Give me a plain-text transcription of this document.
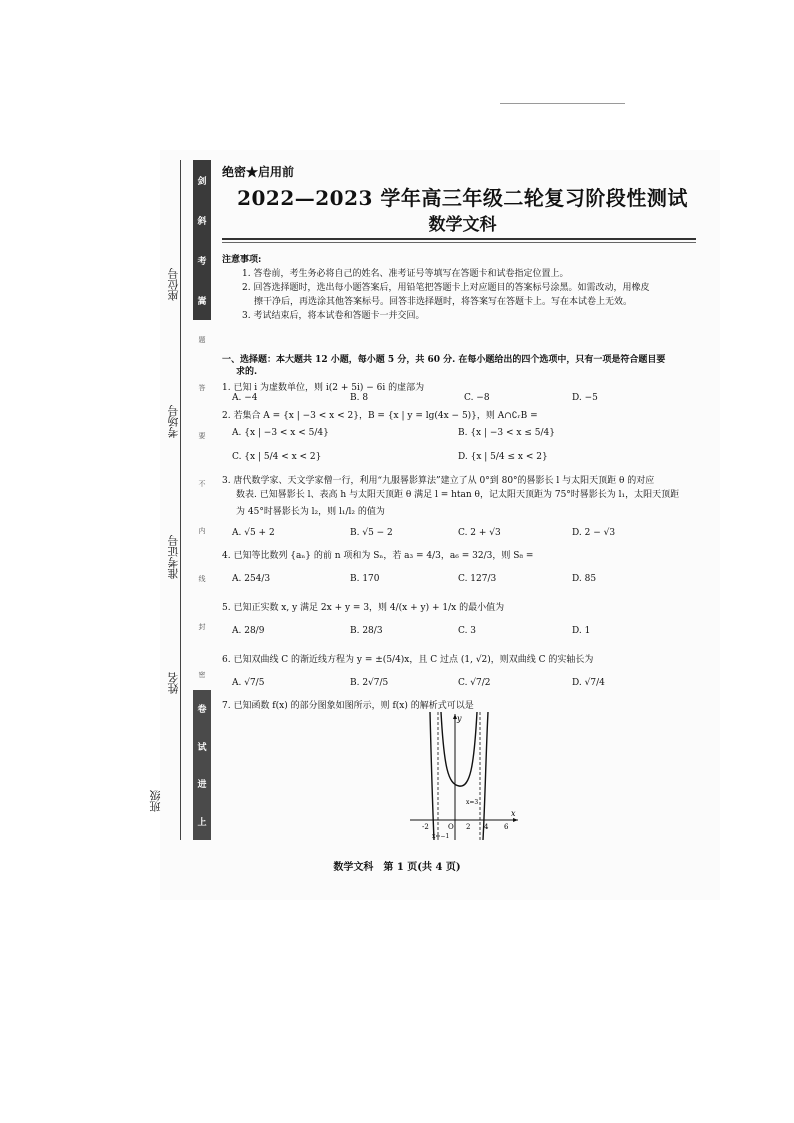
剑
斜
考
嵩
卷
试
进
上
题
答
要
不
内
线
封
密
座位号
考场号
准考证号
姓名
班级
绝密★启用前
2022—2023 学年高三年级二轮复习阶段性测试
数学文科
注意事项:
1. 答卷前，考生务必将自己的姓名、准考证号等填写在答题卡和试卷指定位置上。
2. 回答选择题时，选出每小题答案后，用铅笔把答题卡上对应题目的答案标号涂黑。如需改动，用橡皮
擦干净后，再选涂其他答案标号。回答非选择题时，将答案写在答题卡上。写在本试卷上无效。
3. 考试结束后，将本试卷和答题卡一并交回。
一、选择题：本大题共 12 小题，每小题 5 分，共 60 分. 在每小题给出的四个选项中，只有一项是符合题目要
求的.
1. 已知 i 为虚数单位，则 i(2 + 5i) − 6i 的虚部为
A. −4	B. 8	C. −8	D. −5
2. 若集合 A = {x | −3 < x < 2}，B = {x | y = lg(4x − 5)}，则 A∩∁ᵣB =
A. {x | −3 < x < 5/4}	B. {x | −3 < x ≤ 5/4}
C. {x | 5/4 < x < 2}	D. {x | 5/4 ≤ x < 2}
3. 唐代数学家、天文学家僧一行，利用“九服晷影算法”建立了从 0°到 80°的晷影长 l 与太阳天顶距 θ 的对应
数表. 已知晷影长 l、表高 h 与太阳天顶距 θ 满足 l = htan θ，记太阳天顶距为 75°时晷影长为 l₁，太阳天顶距
为 45°时晷影长为 l₂，则 l₁/l₂ 的值为
A. √5 + 2	B. √5 − 2	C. 2 + √3	D. 2 − √3
4. 已知等比数列 {aₙ} 的前 n 项和为 Sₙ，若 a₃ = 4/3，a₆ = 32/3，则 S₈ =
A. 254/3	B. 170	C. 127/3	D. 85
5. 已知正实数 x, y 满足 2x + y = 3，则 4/(x + y) + 1/x 的最小值为
A. 28/9	B. 28/3	C. 3	D. 1
6. 已知双曲线 C 的渐近线方程为 y = ±(5/4)x，且 C 过点 (1, √2)，则双曲线 C 的实轴长为
A. √7/5	B. 2√7/5	C. √7/2	D. √7/4
7. 已知函数 f(x) 的部分图象如图所示，则 f(x) 的解析式可以是
y
x
O
-2	2 4 6
x=−1
x=3
数学文科　第 1 页(共 4 页)
